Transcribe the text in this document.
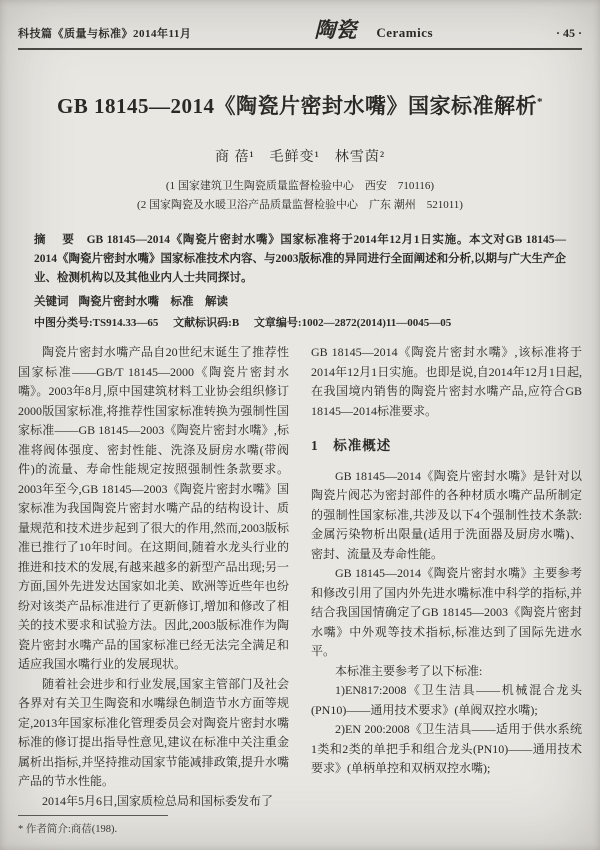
科技篇《质量与标准》2014年11月	陶瓷 Ceramics	· 45 ·
GB 18145—2014《陶瓷片密封水嘴》国家标准解析*
商 蓓¹　毛鲜变¹　林雪茵²
(1 国家建筑卫生陶瓷质量监督检验中心　西安　710116)
(2 国家陶瓷及水暖卫浴产品质量监督检验中心　广东 潮州　521011)

摘　要 GB 18145—2014《陶瓷片密封水嘴》国家标准将于2014年12月1日实施。本文对GB 18145—2014《陶瓷片密封水嘴》国家标准技术内容、与2003版标准的异同进行全面阐述和分析,以期与广大生产企业、检测机构以及其他业内人士共同探讨。

关键词 陶瓷片密封水嘴　标准　解读

中图分类号:TS914.33—65 文献标识码:B 文章编号:1002—2872(2014)11—0045—05

陶瓷片密封水嘴产品自20世纪末诞生了推荐性国家标准——GB/T 18145—2000《陶瓷片密封水嘴》。2003年8月,原中国建筑材料工业协会组织修订2000版国家标准,将推荐性国家标准转换为强制性国家标准——GB 18145—2003《陶瓷片密封水嘴》,标准将阀体强度、密封性能、洗涤及厨房水嘴(带阀件)的流量、寿命性能规定按照强制性条款要求。2003年至今,GB 18145—2003《陶瓷片密封水嘴》国家标准为我国陶瓷片密封水嘴产品的结构设计、质量规范和技术进步起到了很大的作用,然而,2003版标准已推行了10年时间。在这期间,随着水龙头行业的推进和技术的发展,有越来越多的新型产品出现;另一方面,国外先进发达国家如北美、欧洲等近些年也纷纷对该类产品标准进行了更新修订,增加和修改了相关的技术要求和试验方法。因此,2003版标准作为陶瓷片密封水嘴产品的国家标准已经无法完全满足和适应我国水嘴行业的发展现状。

随着社会进步和行业发展,国家主管部门及社会各界对有关卫生陶瓷和水嘴绿色制造节水方面等规定,2013年国家标准化管理委员会对陶瓷片密封水嘴标准的修订提出指导性意见,建议在标准中关注重金属析出指标,并坚持推动国家节能减排政策,提升水嘴产品的节水性能。

2014年5月6日,国家质检总局和国标委发布了

GB 18145—2014《陶瓷片密封水嘴》,该标准将于2014年12月1日实施。也即是说,自2014年12月1日起,在我国境内销售的陶瓷片密封水嘴产品,应符合GB 18145—2014标准要求。

1　标准概述

GB 18145—2014《陶瓷片密封水嘴》是针对以陶瓷片阀芯为密封部件的各种材质水嘴产品所制定的强制性国家标准,共涉及以下4个强制性技术条款:金属污染物析出限量(适用于洗面器及厨房水嘴)、密封、流量及寿命性能。

GB 18145—2014《陶瓷片密封水嘴》主要参考和修改引用了国内外先进水嘴标准中科学的指标,并结合我国国情确定了GB 18145—2003《陶瓷片密封水嘴》中外观等技术指标,标准达到了国际先进水平。

本标准主要参考了以下标准:

1)EN817:2008《卫生洁具——机械混合龙头(PN10)——通用技术要求》(单阀双控水嘴);

2)EN 200:2008《卫生洁具——适用于供水系统1类和2类的单把手和组合龙头(PN10)——通用技术要求》(单柄单控和双柄双控水嘴);

* 作者简介:商蓓(198).
